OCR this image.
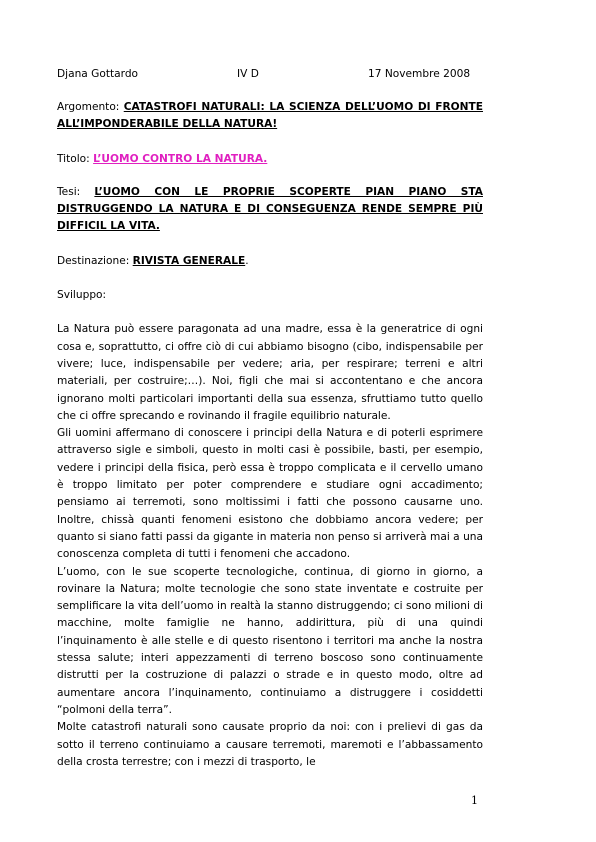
Djana Gottardo	IV D	17 Novembre 2008
Argomento: CATASTROFI NATURALI: LA SCIENZA DELL’UOMO DI FRONTE ALL’IMPONDERABILE DELLA NATURA!
Titolo: L’UOMO CONTRO LA NATURA.
Tesi: L’UOMO CON LE PROPRIE SCOPERTE PIAN PIANO STA DISTRUGGENDO LA NATURA E DI CONSEGUENZA RENDE SEMPRE PIÙ DIFFICIL LA VITA.
Destinazione: RIVISTA GENERALE.
Sviluppo:

La Natura può essere paragonata ad una madre, essa è la generatrice di ogni cosa e, soprattutto, ci offre ciò di cui abbiamo bisogno (cibo, indispensabile per vivere; luce, indispensabile per vedere; aria, per respirare; terreni e altri materiali, per costruire;…). Noi, figli che mai si accontentano e che ancora ignorano molti particolari importanti della sua essenza, sfruttiamo tutto quello che ci offre sprecando e rovinando il fragile equilibrio naturale.

Gli uomini affermano di conoscere i principi della Natura e di poterli esprimere attraverso sigle e simboli, questo in molti casi è possibile, basti, per esempio, vedere i principi della fisica, però essa è troppo complicata e il cervello umano è troppo limitato per poter comprendere e studiare ogni accadimento; pensiamo ai terremoti, sono moltissimi i fatti che possono causarne uno. Inoltre, chissà quanti fenomeni esistono che dobbiamo ancora vedere; per quanto si siano fatti passi da gigante in materia non penso si arriverà mai a una conoscenza completa di tutti i fenomeni che accadono.

L’uomo, con le sue scoperte tecnologiche, continua, di giorno in giorno, a rovinare la Natura; molte tecnologie che sono state inventate e costruite per semplificare la vita dell’uomo in realtà la stanno distruggendo; ci sono milioni di macchine, molte famiglie ne hanno, addirittura, più di una quindi l’inquinamento è alle stelle e di questo risentono i territori ma anche la nostra stessa salute; interi appezzamenti di terreno boscoso sono continuamente distrutti per la costruzione di palazzi o strade e in questo modo, oltre ad aumentare ancora l’inquinamento, continuiamo a distruggere i cosiddetti “polmoni della terra”.

Molte catastrofi naturali sono causate proprio da noi: con i prelievi di gas da sotto il terreno continuiamo a causare terremoti, maremoti e l’abbassamento della crosta terrestre; con i mezzi di trasporto, le

1
